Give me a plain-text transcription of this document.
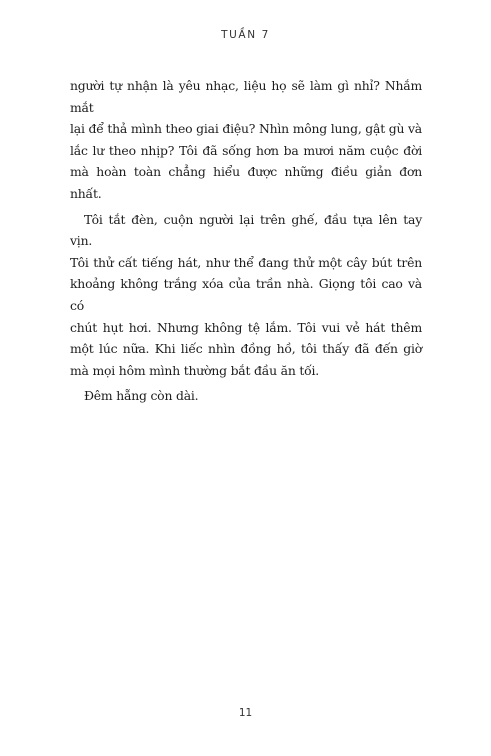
TUẦN 7

người tự nhận là yêu nhạc, liệu họ sẽ làm gì nhỉ? Nhắm mắt

lại để thả mình theo giai điệu? Nhìn mông lung, gật gù và

lắc lư theo nhịp? Tôi đã sống hơn ba mươi năm cuộc đời

mà hoàn toàn chẳng hiểu được những điều giản đơn nhất.

Tôi tắt đèn, cuộn người lại trên ghế, đầu tựa lên tay vịn.

Tôi thử cất tiếng hát, như thể đang thử một cây bút trên

khoảng không trắng xóa của trần nhà. Giọng tôi cao và có

chút hụt hơi. Nhưng không tệ lắm. Tôi vui vẻ hát thêm

một lúc nữa. Khi liếc nhìn đồng hồ, tôi thấy đã đến giờ

mà mọi hôm mình thường bắt đầu ăn tối.

Đêm hẵng còn dài.

11
